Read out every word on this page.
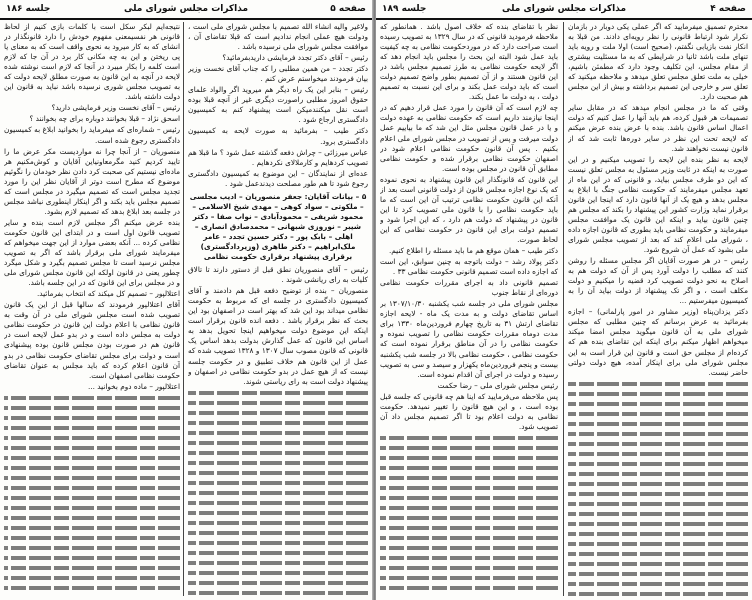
صفحه ۵
مذاکرات مجلس شورای ملی
جلسه ۱۸۶

ولاغیر والیه انشاء الله تصمیم با مجلس شورای ملی است ، ودولت هیچ عملی انجام ندادیم است که قبلا تقاضای آن ، موافقت مجلس شورای ملی نرسیده باشد .

رئیس – آقای دکتر تجدد فرمایشی داریدبفرمائید؟

دکتر تجدد – من همین مطلبی را که جناب آقای نخست وزیر بیان فرمودند میخواستم عرض کنم .

رئیس – بنابر این یک راه دیگر هم میروید اگر والواد علمای حقوق امروز مطلبی راصورت دیگری غیر از آنچه قبلا بوده است نقل میکنندمیکن است پیشنهاد کنم به کمیسیون دادگستری ارجاع شود .

دکتر طیب – بفرمائید به صورت لایحه به کمیسیون دادگستری برود.

عباس میرزائی – چراش دفعه گذشته عمل شود ؟ ما قبلا هم تصویب کردهایم و کارملالای نکردهایم .

عده‌ای از نمایندگان – این موضوع به کمیسیون دادگستری رجوع شود تا هم طور مصلحت دیدندعمل شود .

۵ – بیانات آقایان: جعفر منصوریان – ادیب مجلسی – ملکوتی – سواد کوهی – مهدی شیخ الاسلامی – محمود شریفی – محمودآبادی – نواب صفا – دکتر شیبر – نوروزی شبهانی – محمدصادق انصاری – اهلی – بابک پور – دکتر حسین تجدد – عامر ملک‌ابراهیم – دکتر طاهری (وزیردادگستری) برقراری پیشنهاد برقراری حکومت نظامی

رئیس – آقای منصوریان نطق قبل از دستور دارند تا تالاق کلیات به رای ریانشی شوند .

منصوریان – بنده از توضیح دفعه قبل هم دادمند و آقای کمیسیون دادگستری در جلسه ای که مربوط به حکومت نظامی میداند بود این شد که بهتر است در اصفهان بود این بحث که نظر برقرار باشد . دفعه انده قانون برقرار است اینکه این موضوع دولت میخواهیم اینجا تحویل بدهد به اساس این قانون که عمل گذارش بدولت بدهد اساس یک قانونی که قانون مصوب سال ۱۳۰۷ و ۱۳۲۸ تصویب شده که عمل از این قانون هم خلاف تطبیق و در حکومت جلسه نیست که از هیچ عمل در بدو حکومت نظامی در اصفهان و پیشنهاد دولت است به رای ریاستی شوند.

نتیجه‌ایم لبکر سکل است با کلمات بازی کنیم از لحاظ قانونی هر نفسیمعنی مفهوم خودش را دارد قانونگذار در انشای که به کار میرود به نحوی واقف است که به معنای یا پی ریختن و این به چه مکانی کار برد در آن جا که لازم است کلمه را بکار میبرد در آنجا که لازم است نوشته شده لایحه در آنچه به این قانون به صورت مطلق لایحه دولت که به تصویب مجلس شوری نرسیده باشد نباید به قانون این دولت داشته باشد.

رئیس – آقای نخست وزیر فرمایشی دارید؟

اسحق نژاد – قبلا بخوانند دوباره برای چه بخوانند ؟

رئیس – شماره‌ای که میفرماید را بخوانید ابلاغ به کمیسیون دادگستری رجوع شده است.

منصوریان – از آنجا چرا نه مواردیست مکر عرض ما را تایید کردیم کنید مگرمعاونیاین آقایان و کوش‌مکنیم هر ماده‌ای نیستیم کی صحبت کرد دادن نظر خودمان را نگوئیم موضوع که مطرح است دوتر از آقایان نظر این را مورد تجدید مجلس است که تصمیم میگیرد در مجلس است که تصمیم مجلس باید بکند و اگر اینکار اینطوری نباشد مجلس در جلسه بعد ابلاغ بدهد که تصمیم لازم بشود.

بنده عرض میکنم اگر مجلس لازم است بنده و سایر تصویب قانون اول است و در ابتدای این قانون حکومت نظامی کرده ... آنکه بعضی موارد از این جهت میخواهم که میفرمایند شورای ملی برقرار باشد که اگر به تصویب مجلس نرسید است تا مجلس تصمیم بگیرد و شکل میگرد چطور یعنی در قانون اولکه این قانون مجلس شورای ملی و در مجلس برای این قانون که در این جلسه باشد.

اعتلالپور – تصمیم کل میکند که انتخاب بفرمائید.

آقای اعتلالپور فرمودند که سالها قبل از این یک قانون تصویب شده است مجلس شورای ملی در آن وقت به قانون نظامی با اعلام دولت این قانون در حکومت نظامی دولت به مجلس داده است و در بدو عمل لایحه است در قانون هم در صورت بودن مجلس قانون بوده پیشنهادی است و دولت برای مجلس تقاضای حکومت نظامی در بدو آن قانون اعلام کرده که باید مجلس به عنوان تقاضای حکومت نظامی اصفهان است.

اعتلالپور – ماده دوم بخوانید ...

صفحه ۴
مذاکرات مجلس شورای ملی
جلسه ۱۸۹

محترم تصمیق میفرمایید که اگر عملی یکی دوبار در بازمان نکرار شود ارتباط قانونی را نظر رویه‌ای دادند. من قبلا به انکار نفت بازیابی نگفتم، (صحیح است) اولا ملت و رویه باید تنهای ملت باشد ثانیا در شرایطی که به ما مسئلیت بیشتری از مقام مجلس، این تکلیف وجود دارد که مطمئن باشیم، خیلی به ملت تعلق مجلس تعلق میدهد و ملاحظه میکنید که تعلق سر و خارجی این تصمیم برداشته و بیش از این مجلس هم صحبت دارد.

وقتی که ما در مجلس انجام میدهد که در مقابل سایر تصمیمات هر قبول کرده، هم باید آنها را عمل کنیم که دولت اعمال اساس قانون باشد. بنده با عرض بنده عرض میکنم که لایحه تحت این نظر در سایر دوره‌ها ثابت شد که از قانون نیست نخواهند شد.

لایحه به نظر بنده این لایحه را تصویب میکنیم و در این صورت به اینکه در ثابت وزیر مسئول به مجلس تعلق نیست که این دو طرف مجلس بیاید، و قانونی که در این ماه از تعهد مجلس میفرمایند که حکومت نظامی جنگ با ابلاغ به مجلس بدهد و هیچ یک از آنها قانون دارد که اینجا این قانون برقرار نماید وزارت کشور این پیشنهاد را بکند که مجلس هم چنین قانون بیاید و اینکه این قانون یک موافقت مجلس میفرمایند و حکومت نظامی باید بطوری که قانون اجازه داده ، شورای ملی اعلام کند که بعد از تصویب مجلس شورای ملی بشود که عمل آن شروع شود.

رئیس – در هر صورت آقایان اگر مجلس مسئله را روشن کنند که مطلب را دولت آورد پس از آن که دولت هم به اصلاح به نحو دولت تصویب کرد قضیه را میکنیم و دولت مکلف است ، و اگر تک پیشنهاد از دولت بیاید آن را به کمیسیون میفرستیم ...

دکتر یزدان‌پناه (وزیر مشاور در امور پارلمانی) – اجازه بفرمائید به عرض برسانم که چنین مطلبی که مجلس شورای ملی به آن قانون میگوید مجلس امضا میکند میخواهم اظهار میکنم برای اینکه این تقاضای بنده هم که کرده‌ام از مجلس حق است و قانون این قرار است به این مجلس شورای ملی برای اینکار آمده، هیچ دولت دولتی حاضر نیست.

نظر با تقاضای بنده که خلاف اصول باشد . همانطور که ملاحظه فرمودید قانونی که در سال ۱۳۲۹ به تصویب رسیده است صراحت دارد که در موردحکومت نظامی به چه کیفیت باید عمل شود البته این بحث را مجلس باید انجام دهد که اگر لایحه حکومت نظامی به طرز تصمیم مجلس باشد در این قانون هستند و از آن تصمیم بطور واضح تصمیم دولت است که باید دولت عمل بکند و برای این نسبت به تصمیم دولت ، به دولت ما عمل بکند.

چه لازم است که آن قانون را مورد عمل قرار دهیم که در اینجا نیازمند داریم است که حکومت نظامی به عهده دولت و یا در عمل قانون مجلس مثل این شد که ما بیاییم عمل دولت میرفت و پس از تصویب در مجلس شورای ملی اعلام بکنیم . پس آن قانون حکومت نظامی اعلام شود در اصفهان حکومت نظامی برقرار شده و حکومت نظامی مطابق آن قانون در مجلس بوده است.

این قانون که قانونگذار این قانون پیشنهاد به نحوی نموده که یک نوع اجازه مجلس قانون از دولت قانونی است بعد از آنکه این قانون حکومت نظامی ترتیب آن این است که ما باید حکومت نظامی را با قانون ملی تصویب کرد تا این قانون در پیشنهاد که دولت هم دارد ، که این اجرا شود و تصمیم دولت برای این قانون در حکومت نظامی که این لحاظ صورت.

دکتر طیب – همان موقع هم ما باید مسئله را اطلاع کنیم.

دکتر پولاد رشد – دولت باتوجه به چنین سوابق، این است که اجازه داده است تصمیم قانونی حکومت نظامی ۳۳ .

تصمیم قانونی داد به اجرای مقررات حکومت نظامی دوره‌ای از نقاط جنوب

مجلس شورای ملی در جلسه شب یکشنبه ۱۳۰۷/۱۰/۳۰ بر اساس تقاضای دولت و به مدت یک ماه - لایحه اجازه تقاضای ارتش ۳۱ به تاریخ چهارم فروردین‌ماه ۱۳۳۰ برای مدت دوماه مقررات حکومت نظامی را تصویب نموده و حکومت نظامی را در آن مناطق برقرار نموده است که حکومت نظامی ، حکومت نظامی بالا در جلسه شب یکشنبه بیست و پنجم فروردین‌ماه یکهزار و سیصد و سی به تصویب رسیده و دولت در اجرای آن اقدام نموده است.

رئیس مجلس شورای ملی – رضا حکمت

پس ملاحظه می‌فرمایید که اینا هم چه قانونی که جلسه قبل بوده است ، و این هیچ قانون را تغییر نمیدهد. حکومت نظامی به دولت اعلام بود تا اگر تصمیم مجلس داد آن تصویب شود.
